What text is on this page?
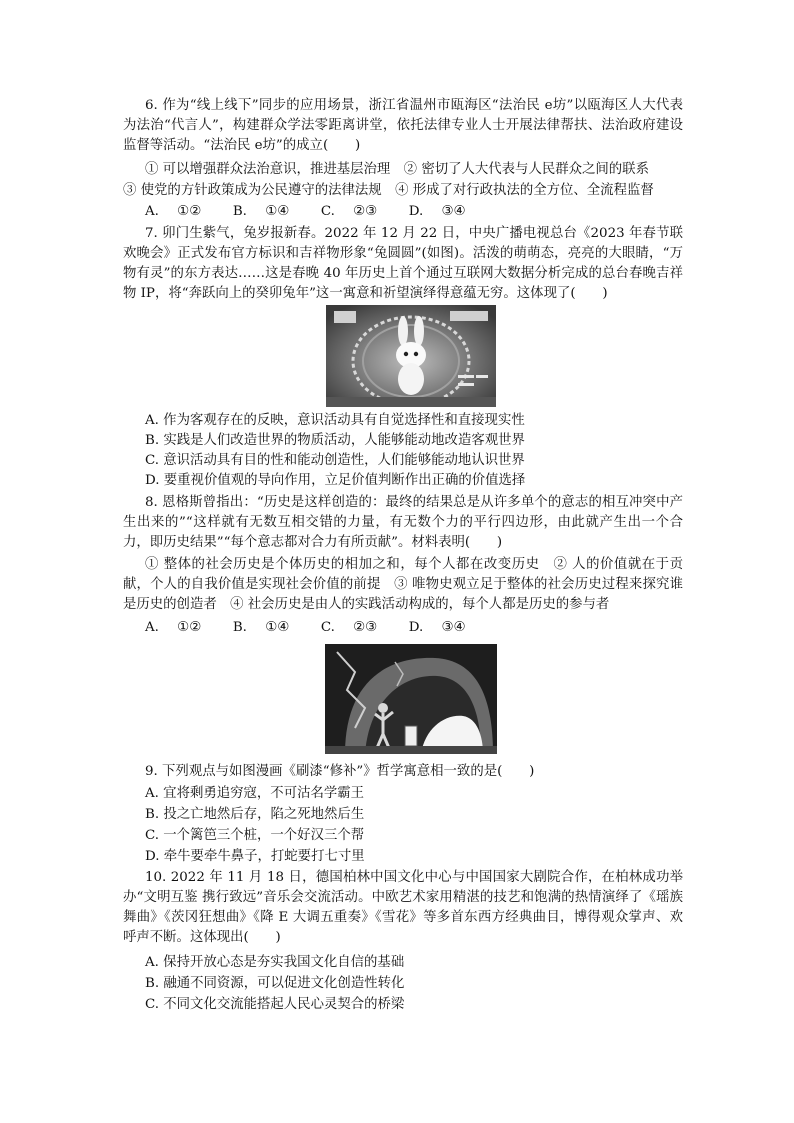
6. 作为“线上线下”同步的应用场景，浙江省温州市瓯海区“法治民 e坊”以瓯海区人大代表为法治“代言人”，构建群众学法零距离讲堂，依托法律专业人士开展法律帮扶、法治政府建设监督等活动。“法治民 e坊”的成立(　　)

① 可以增强群众法治意识，推进基层治理　② 密切了人大代表与人民群众之间的联系

③ 使党的方针政策成为公民遵守的法律法规　④ 形成了对行政执法的全方位、全流程监督

A. ①②　 B. ①④　 C. ②③　 D. ③④

7. 卯门生紫气，兔岁报新春。2022 年 12 月 22 日，中央广播电视总台《2023 年春节联欢晚会》正式发布官方标识和吉祥物形象“兔圆圆”(如图)。活泼的萌萌态，亮亮的大眼睛，“万物有灵”的东方表达……这是春晚 40 年历史上首个通过互联网大数据分析完成的总台春晚吉祥物 IP，将“奔跃向上的癸卯兔年”这一寓意和祈望演绎得意蕴无穷。这体现了(　　)

A. 作为客观存在的反映，意识活动具有自觉选择性和直接现实性

B. 实践是人们改造世界的物质活动，人能够能动地改造客观世界

C. 意识活动具有目的性和能动创造性，人们能够能动地认识世界

D. 要重视价值观的导向作用，立足价值判断作出正确的价值选择

8. 恩格斯曾指出：“历史是这样创造的：最终的结果总是从许多单个的意志的相互冲突中产生出来的”“这样就有无数互相交错的力量，有无数个力的平行四边形，由此就产生出一个合力，即历史结果”“每个意志都对合力有所贡献”。材料表明(　　)

① 整体的社会历史是个体历史的相加之和，每个人都在改变历史　② 人的价值就在于贡献，个人的自我价值是实现社会价值的前提　③ 唯物史观立足于整体的社会历史过程来探究谁是历史的创造者　④ 社会历史是由人的实践活动构成的，每个人都是历史的参与者

A. ①②　 B. ①④　 C. ②③　 D. ③④

9. 下列观点与如图漫画《刷漆“修补”》哲学寓意相一致的是(　　)

A. 宜将剩勇追穷寇，不可沽名学霸王

B. 投之亡地然后存，陷之死地然后生

C. 一个篱笆三个桩，一个好汉三个帮

D. 牵牛要牵牛鼻子，打蛇要打七寸里

10. 2022 年 11 月 18 日，德国柏林中国文化中心与中国国家大剧院合作，在柏林成功举办“文明互鉴 携行致远”音乐会交流活动。中欧艺术家用精湛的技艺和饱满的热情演绎了《瑶族舞曲》《茨冈狂想曲》《降 E 大调五重奏》《雪花》等多首东西方经典曲目，博得观众掌声、欢呼声不断。这体现出(　　)

A. 保持开放心态是夯实我国文化自信的基础

B. 融通不同资源，可以促进文化创造性转化

C. 不同文化交流能搭起人民心灵契合的桥梁
